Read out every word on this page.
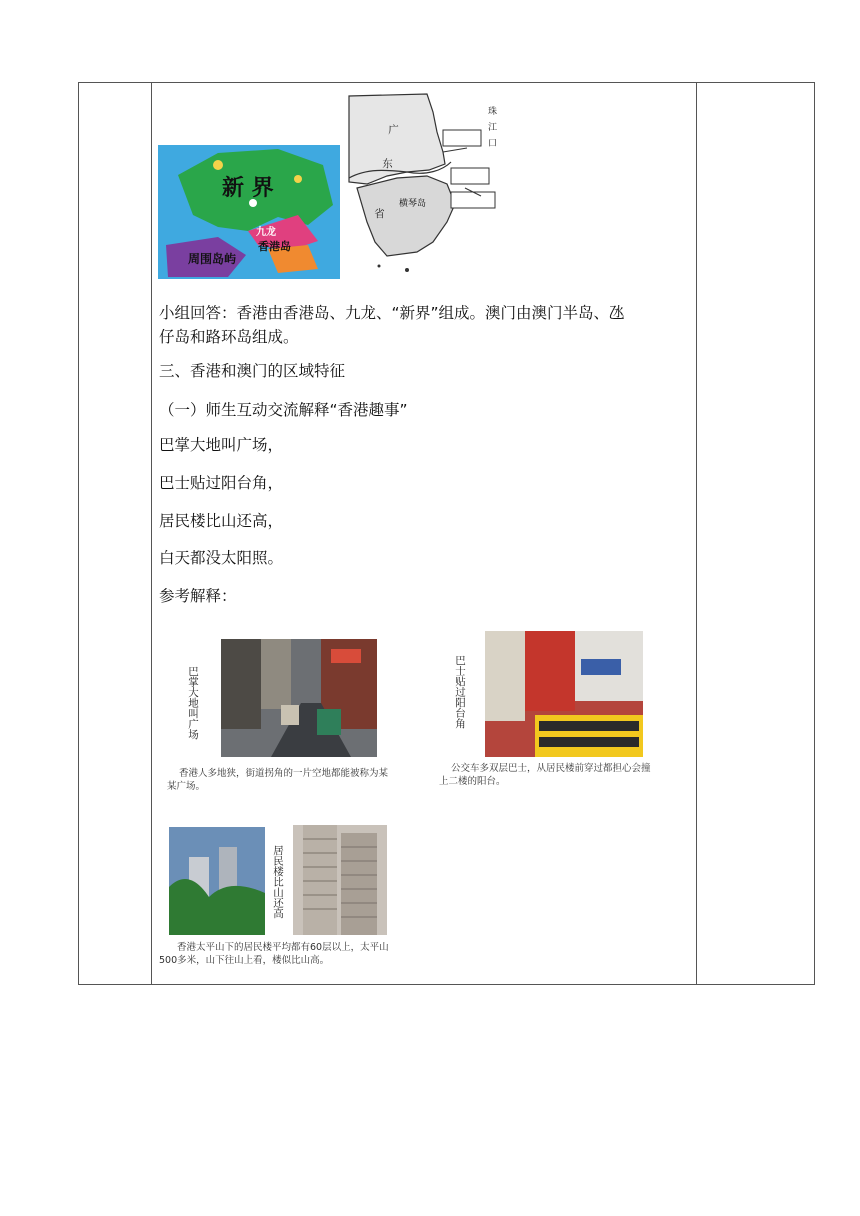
新 界
九龙
香港岛
周围岛屿
珠
江
口
广
东
省
横琴岛
小组回答：香港由香港岛、九龙、“新界”组成。澳门由澳门半岛、氹
仔岛和路环岛组成。
三、香港和澳门的区域特征
（一）师生互动交流解释“香港趣事”
巴掌大地叫广场，
巴士贴过阳台角，
居民楼比山还高，
白天都没太阳照。
参考解释：
巴掌大地叫广场
香港人多地狭，街道拐角的一片空地都能被称为某
某广场。
巴士贴过阳台角
公交车多双层巴士，从居民楼前穿过都担心会撞
上二楼的阳台。
居民楼比山还高
香港太平山下的居民楼平均都有60层以上，太平山
500多米，山下往山上看，楼似比山高。
